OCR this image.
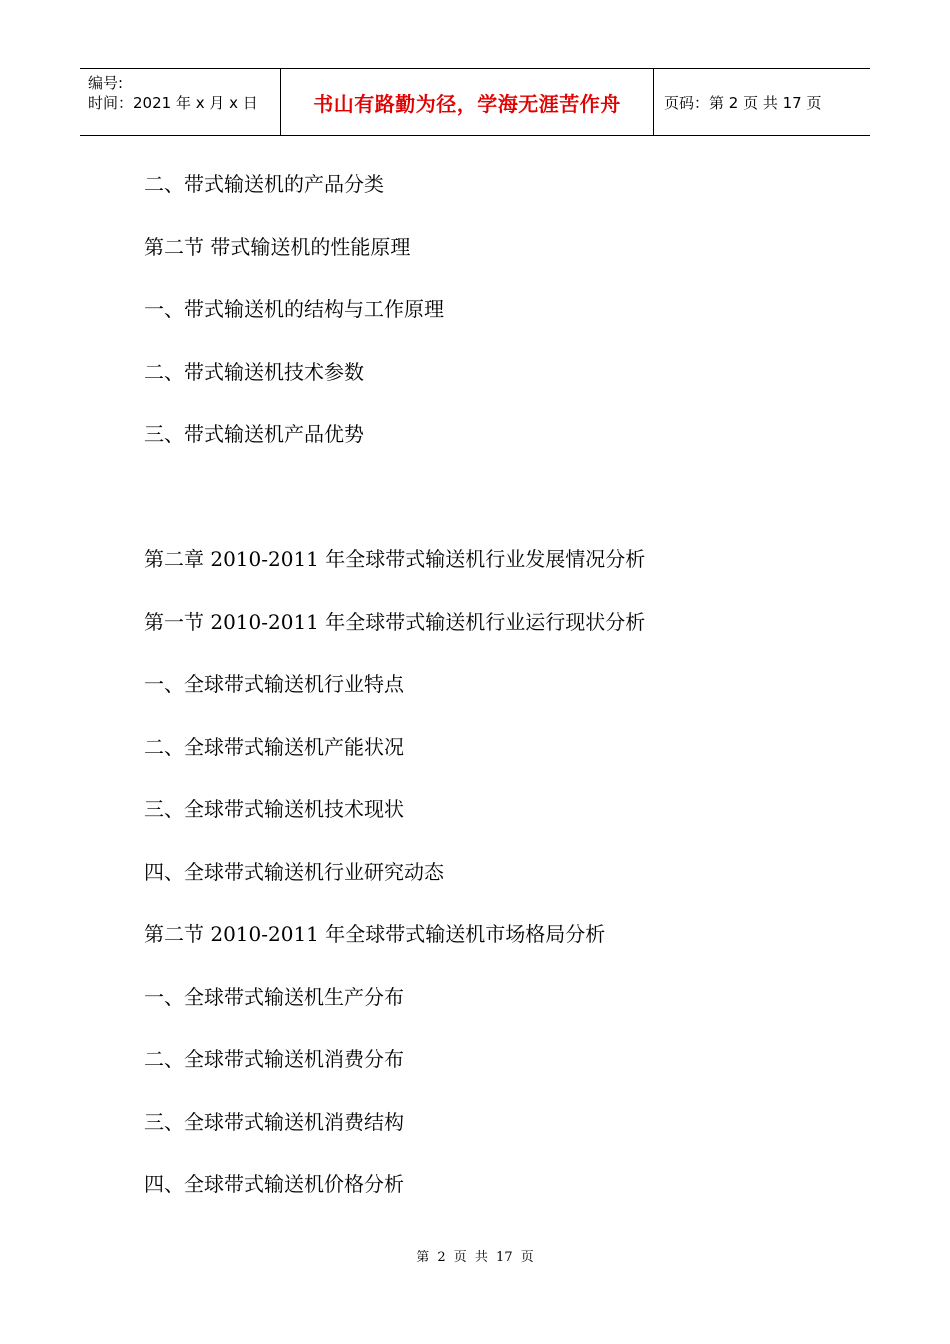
编号:
时间：2021 年 x 月 x 日	书山有路勤为径，学海无涯苦作舟	页码：第 2 页 共 17 页
二、带式输送机的产品分类
第二节 带式输送机的性能原理
一、带式输送机的结构与工作原理
二、带式输送机技术参数
三、带式输送机产品优势
第二章 2010-2011 年全球带式输送机行业发展情况分析
第一节 2010-2011 年全球带式输送机行业运行现状分析
一、全球带式输送机行业特点
二、全球带式输送机产能状况
三、全球带式输送机技术现状
四、全球带式输送机行业研究动态
第二节 2010-2011 年全球带式输送机市场格局分析
一、全球带式输送机生产分布
二、全球带式输送机消费分布
三、全球带式输送机消费结构
四、全球带式输送机价格分析
第 2 页 共 17 页
